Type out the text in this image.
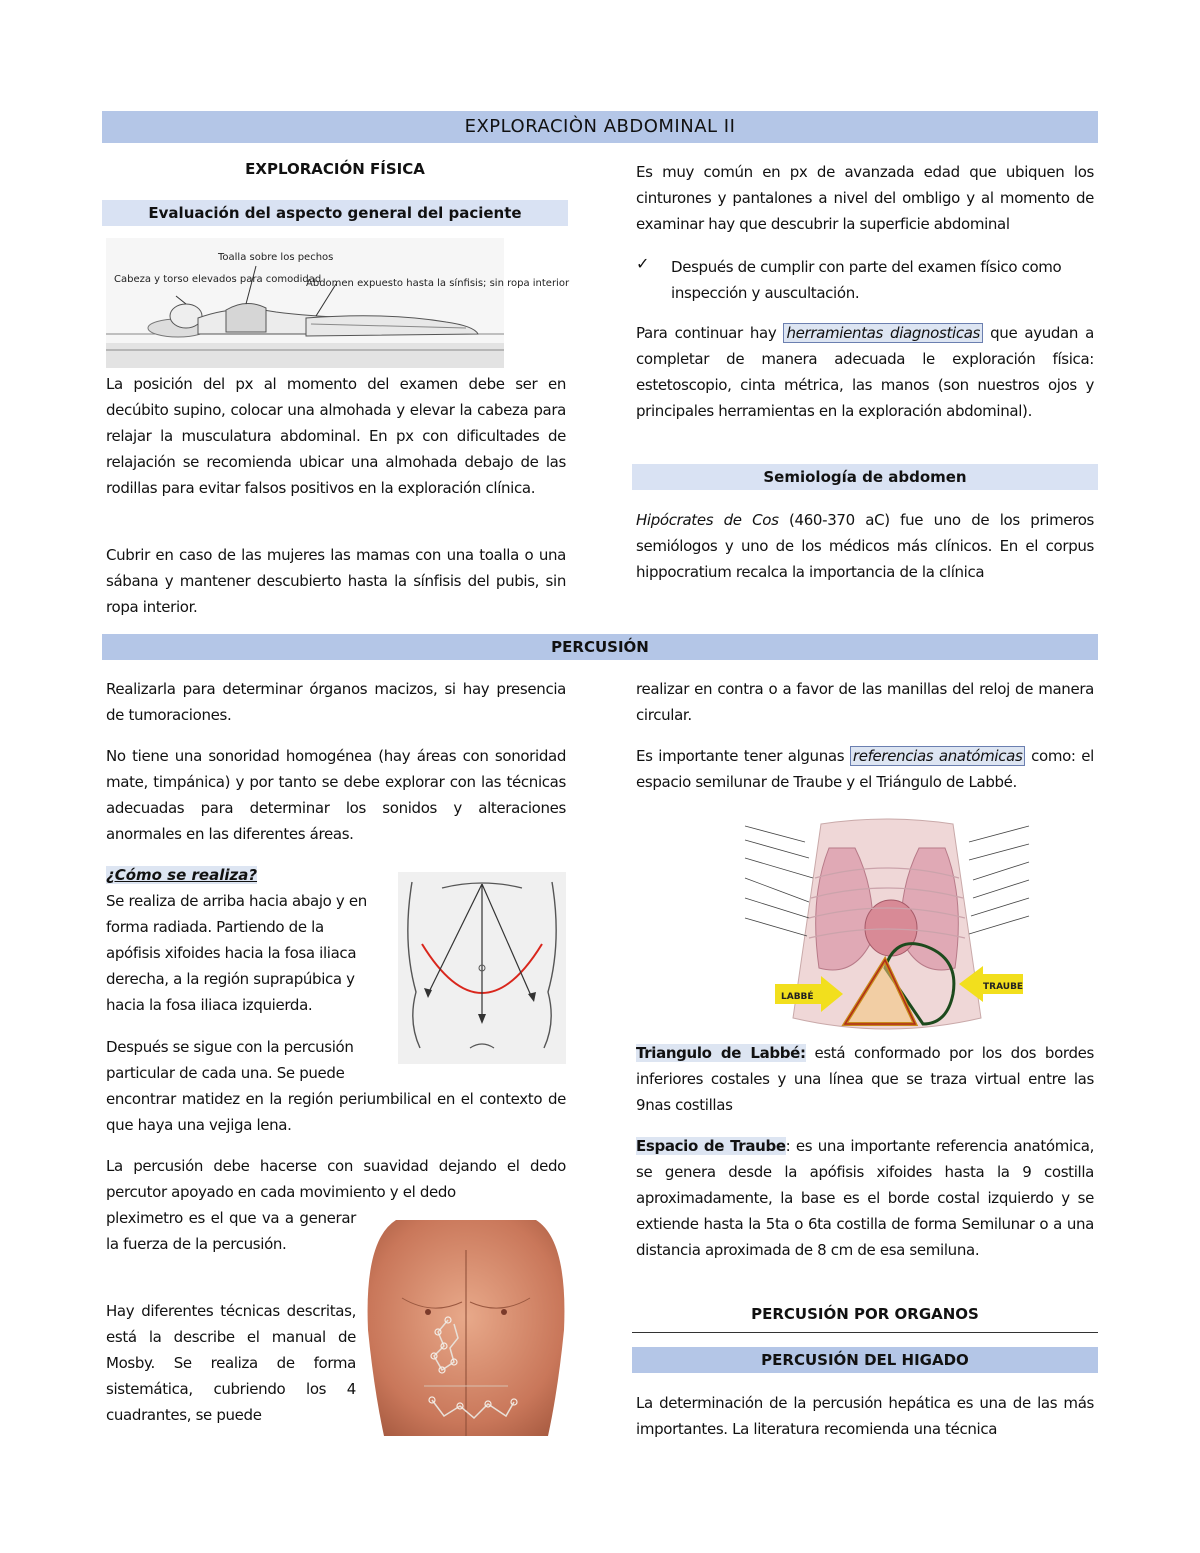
EXPLORACIÒN ABDOMINAL II
EXPLORACIÓN FÍSICA
Evaluación del aspecto general del paciente
Toalla sobre los pechos
Cabeza y torso elevados para comodidad
Abdomen expuesto hasta la sínfisis; sin ropa interior
La posición del px al momento del examen debe ser en decúbito supino, colocar una almohada y elevar la cabeza para relajar la musculatura abdominal. En px con dificultades de relajación se recomienda ubicar una almohada debajo de las rodillas para evitar falsos positivos en la exploración clínica.
Cubrir en caso de las mujeres las mamas con una toalla o una sábana y mantener descubierto hasta la sínfisis del pubis, sin ropa interior.
Es muy común en px de avanzada edad que ubiquen los cinturones y pantalones a nivel del ombligo y al momento de examinar hay que descubrir la superficie abdominal
✓ Después de cumplir con parte del examen físico como inspección y auscultación.
Para continuar hay herramientas diagnosticas que ayudan a completar de manera adecuada le exploración física: estetoscopio, cinta métrica, las manos (son nuestros ojos y principales herramientas en la exploración abdominal).
Semiología de abdomen
Hipócrates de Cos (460-370 aC) fue uno de los primeros semiólogos y uno de los médicos más clínicos. En el corpus hippocratium recalca la importancia de la clínica
PERCUSIÓN
Realizarla para determinar órganos macizos, si hay presencia de tumoraciones.
No tiene una sonoridad homogénea (hay áreas con sonoridad mate, timpánica) y por tanto se debe explorar con las técnicas adecuadas para determinar los sonidos y alteraciones anormales en las diferentes áreas.
¿Cómo se realiza?
Se realiza de arriba hacia abajo y en forma radiada. Partiendo de la apófisis xifoides hacia la fosa iliaca derecha, a la región suprapúbica y hacia la fosa iliaca izquierda.
Después se sigue con la percusión particular de cada una. Se puede
encontrar matidez en la región periumbilical en el contexto de que haya una vejiga lena.
La percusión debe hacerse con suavidad dejando el dedo percutor apoyado en cada movimiento y el dedo
pleximetro es el que va a generar la fuerza de la percusión.
Hay diferentes técnicas descritas, está la describe el manual de Mosby. Se realiza de forma sistemática, cubriendo los 4 cuadrantes, se puede
realizar en contra o a favor de las manillas del reloj de manera circular.
Es importante tener algunas referencias anatómicas como: el espacio semilunar de Traube y el Triángulo de Labbé.
LABBÉ
TRAUBE
Triangulo de Labbé: está conformado por los dos bordes inferiores costales y una línea que se traza virtual entre las 9nas costillas
Espacio de Traube: es una importante referencia anatómica, se genera desde la apófisis xifoides hasta la 9 costilla aproximadamente, la base es el borde costal izquierdo y se extiende hasta la 5ta o 6ta costilla de forma Semilunar o a una distancia aproximada de 8 cm de esa semiluna.
PERCUSIÓN POR ORGANOS
PERCUSIÓN DEL HIGADO
La determinación de la percusión hepática es una de las más importantes. La literatura recomienda una técnica
